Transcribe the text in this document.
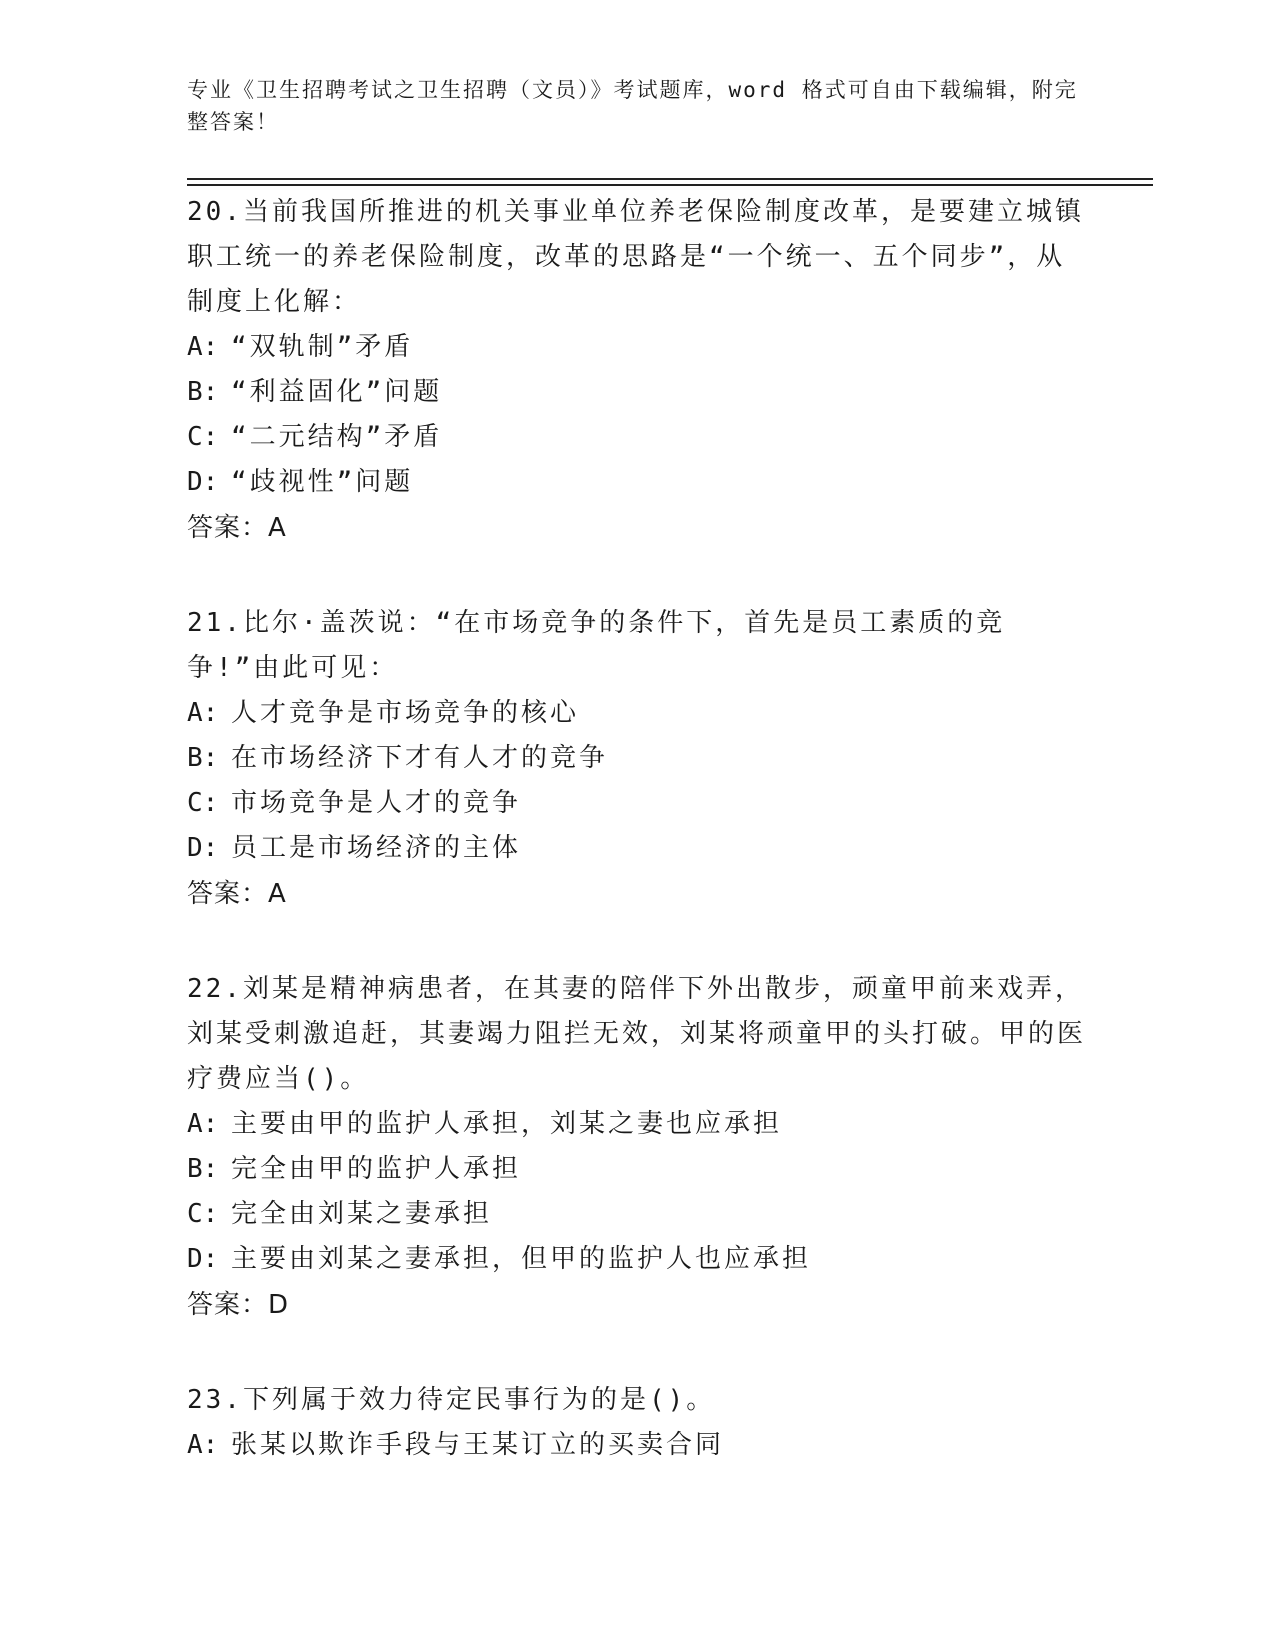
专业《卫生招聘考试之卫生招聘（文员）》考试题库，word 格式可自由下载编辑，附完整答案！

20.当前我国所推进的机关事业单位养老保险制度改革，是要建立城镇职工统一的养老保险制度，改革的思路是“一个统一、五个同步”，从制度上化解：

A: “双轨制”矛盾

B: “利益固化”问题

C: “二元结构”矛盾

D: “歧视性”问题

答案：A

21.比尔·盖茨说：“在市场竞争的条件下，首先是员工素质的竞争!”由此可见：

A: 人才竞争是市场竞争的核心

B: 在市场经济下才有人才的竞争

C: 市场竞争是人才的竞争

D: 员工是市场经济的主体

答案：A

22.刘某是精神病患者，在其妻的陪伴下外出散步，顽童甲前来戏弄，刘某受刺激追赶，其妻竭力阻拦无效，刘某将顽童甲的头打破。甲的医疗费应当()。

A: 主要由甲的监护人承担，刘某之妻也应承担

B: 完全由甲的监护人承担

C: 完全由刘某之妻承担

D: 主要由刘某之妻承担，但甲的监护人也应承担

答案：D

23.下列属于效力待定民事行为的是()。

A: 张某以欺诈手段与王某订立的买卖合同
